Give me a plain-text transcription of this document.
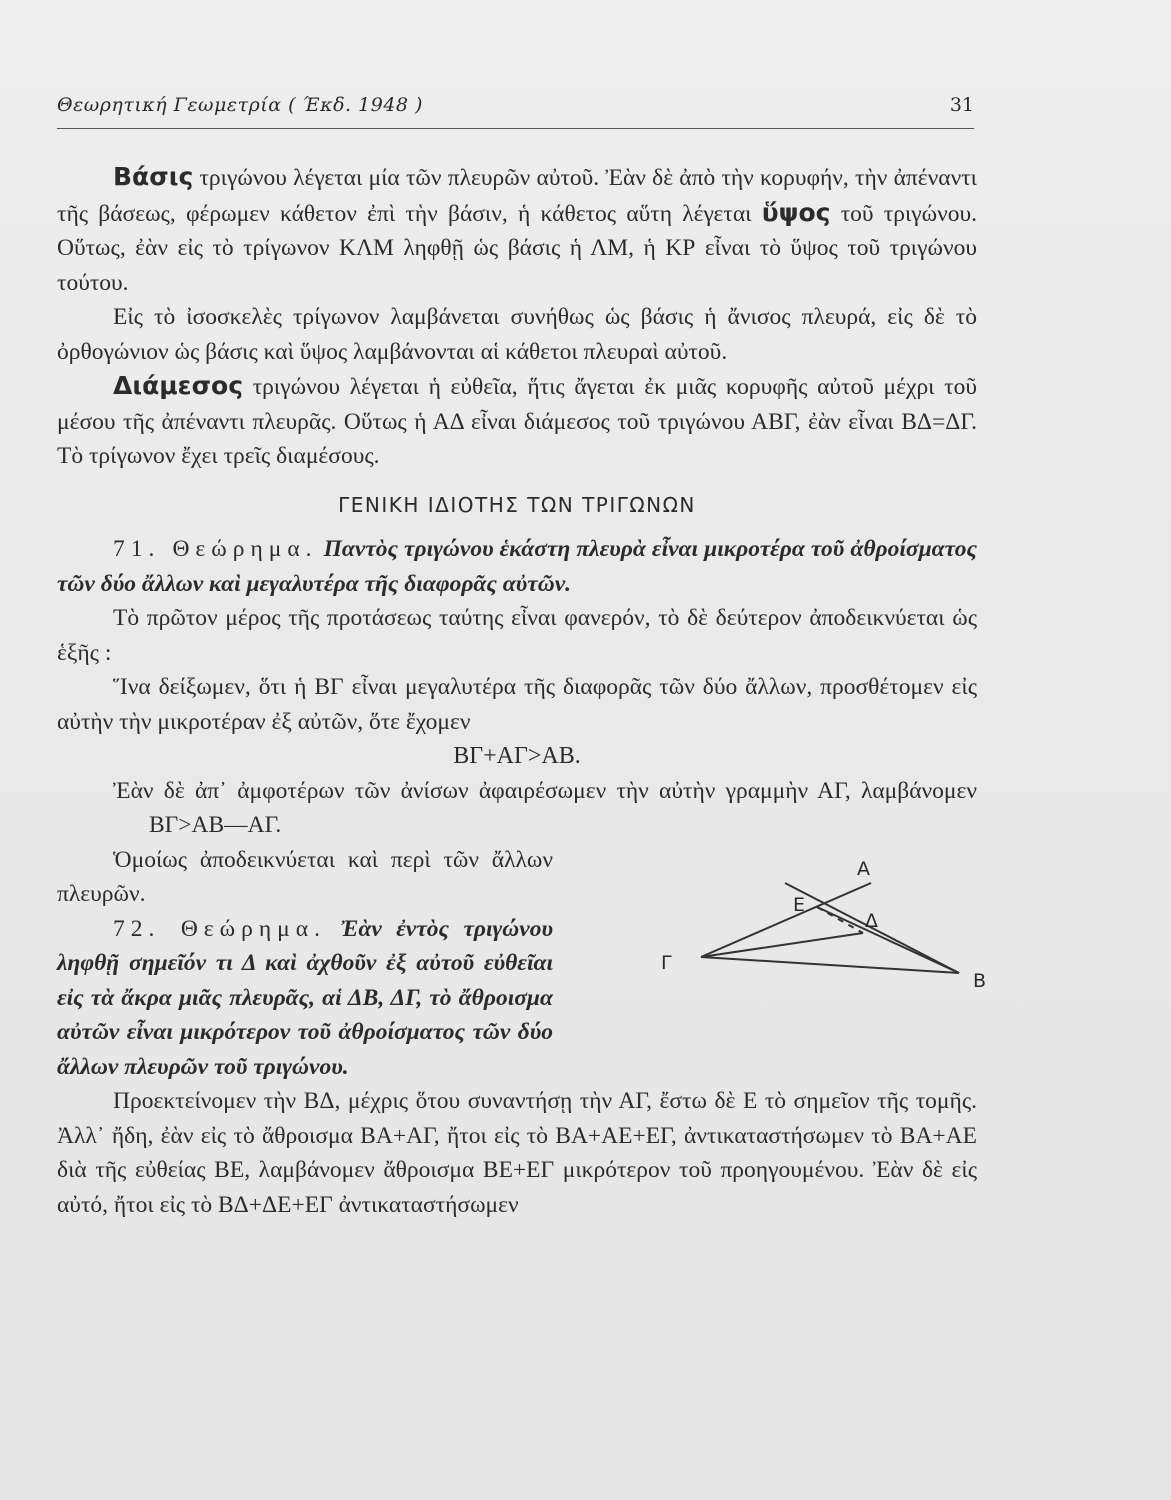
Θεωρητική Γεωμετρία ( Έκδ. 1948 )	31

Βάσις τριγώνου λέγεται μία τῶν πλευρῶν αὐτοῦ. Ἐὰν δὲ ἀπὸ τὴν κορυφήν, τὴν ἀπέναντι τῆς βάσεως, φέρωμεν κάθετον ἐπὶ τὴν βάσιν, ἡ κάθετος αὕτη λέγεται ὕψος τοῦ τριγώνου. Οὕτως, ἐὰν εἰς τὸ τρίγωνον ΚΛΜ ληφθῇ ὡς βάσις ἡ ΛΜ, ἡ ΚΡ εἶναι τὸ ὕψος τοῦ τριγώνου τούτου.

Εἰς τὸ ἰσοσκελὲς τρίγωνον λαμβάνεται συνήθως ὡς βάσις ἡ ἄνισος πλευρά, εἰς δὲ τὸ ὀρθογώνιον ὡς βάσις καὶ ὕψος λαμβάνονται αἱ κάθετοι πλευραὶ αὐτοῦ.

Διάμεσος τριγώνου λέγεται ἡ εὐθεῖα, ἥτις ἄγεται ἐκ μιᾶς κορυφῆς αὐτοῦ μέχρι τοῦ μέσου τῆς ἀπέναντι πλευρᾶς. Οὕτως ἡ ΑΔ εἶναι διάμεσος τοῦ τριγώνου ΑΒΓ, ἐὰν εἶναι ΒΔ=ΔΓ. Τὸ τρίγωνον ἔχει τρεῖς διαμέσους.

ΓΕΝΙΚΗ ΙΔΙΟΤΗΣ ΤΩΝ ΤΡΙΓΩΝΩΝ

71. Θεώρημα. Παντὸς τριγώνου ἑκάστη πλευρὰ εἶναι μικροτέρα τοῦ ἀθροίσματος τῶν δύο ἄλλων καὶ μεγαλυτέρα τῆς διαφορᾶς αὐτῶν.

Τὸ πρῶτον μέρος τῆς προτάσεως ταύτης εἶναι φανερόν, τὸ δὲ δεύτερον ἀποδεικνύεται ὡς ἑξῆς :

Ἵνα δείξωμεν, ὅτι ἡ ΒΓ εἶναι μεγαλυτέρα τῆς διαφορᾶς τῶν δύο ἄλλων, προσθέτομεν εἰς αὐτὴν τὴν μικροτέραν ἐξ αὐτῶν, ὅτε ἔχομεν

ΒΓ+ΑΓ>ΑΒ.

Ἐὰν δὲ ἀπ᾽ ἀμφοτέρων τῶν ἀνίσων ἀφαιρέσωμεν τὴν αὐτὴν γραμμὴν ΑΓ, λαμβάνομεν ΒΓ>ΑΒ—ΑΓ.

A
B
Γ
E
Δ

Ὁμοίως ἀποδεικνύεται καὶ περὶ τῶν ἄλλων πλευρῶν.

72. Θεώρημα. Ἐὰν ἐντὸς τριγώνου ληφθῇ σημεῖόν τι Δ καὶ ἀχθοῦν ἐξ αὐτοῦ εὐθεῖαι εἰς τὰ ἄκρα μιᾶς πλευρᾶς, αἱ ΔΒ, ΔΓ, τὸ ἄθροισμα αὐτῶν εἶναι μικρότερον τοῦ ἀθροίσματος τῶν δύο ἄλλων πλευρῶν τοῦ τριγώνου.

Προεκτείνομεν τὴν ΒΔ, μέχρις ὅτου συναντήσῃ τὴν ΑΓ, ἔστω δὲ Ε τὸ σημεῖον τῆς τομῆς. Ἀλλ᾽ ἤδη, ἐὰν εἰς τὸ ἄθροισμα ΒΑ+ΑΓ, ἤτοι εἰς τὸ ΒΑ+ΑΕ+ΕΓ, ἀντικαταστήσωμεν τὸ ΒΑ+ΑΕ διὰ τῆς εὐθείας ΒΕ, λαμβάνομεν ἄθροισμα ΒΕ+ΕΓ μικρότερον τοῦ προηγουμένου. Ἐὰν δὲ εἰς αὐτό, ἤτοι εἰς τὸ ΒΔ+ΔΕ+ΕΓ ἀντικαταστήσωμεν
